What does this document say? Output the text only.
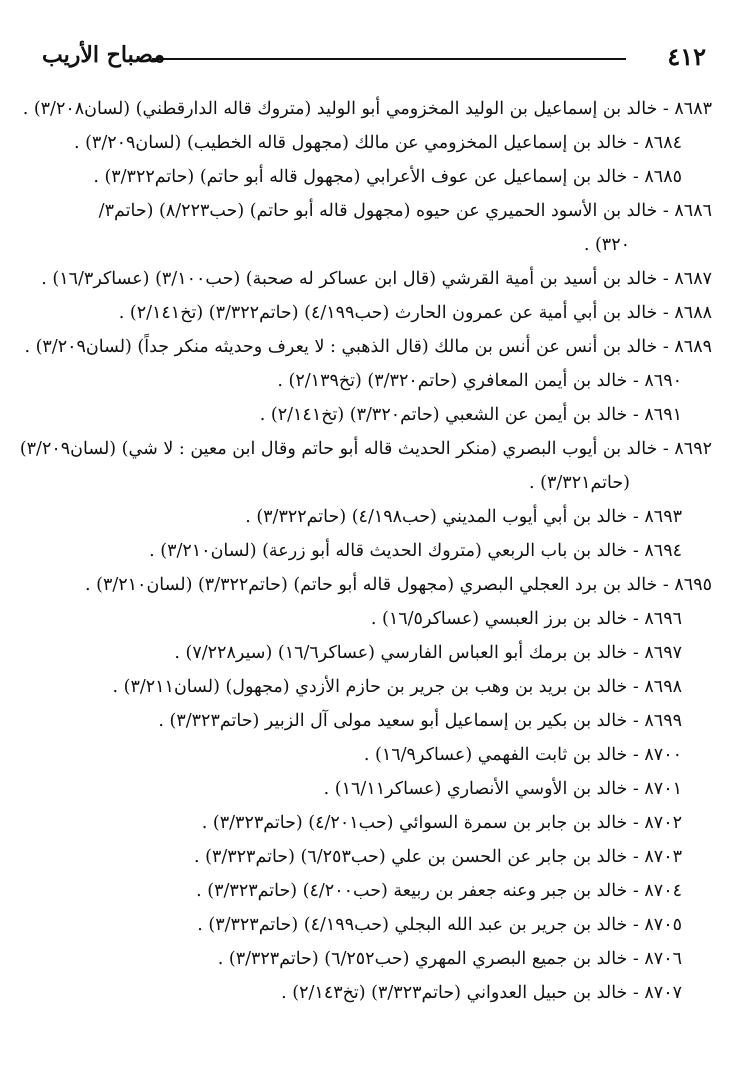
٤١٢
مصباح الأريب
٨٦٨٣ - خالد بن إسماعيل بن الوليد المخزومي أبو الوليد (متروك قاله الدارقطني) (لسان٣/٢٠٨) .
٨٦٨٤ - خالد بن إسماعيل المخزومي عن مالك (مجهول قاله الخطيب) (لسان٣/٢٠٩) .
٨٦٨٥ - خالد بن إسماعيل عن عوف الأعرابي (مجهول قاله أبو حاتم) (حاتم٣/٣٢٢) .
٨٦٨٦ - خالد بن الأسود الحميري عن حيوه (مجهول قاله أبو حاتم) (حب٨/٢٢٣) (حاتم٣/
٣٢٠) .
٨٦٨٧ - خالد بن أسيد بن أمية القرشي (قال ابن عساكر له صحبة) (حب٣/١٠٠) (عساكر١٦/٣) .
٨٦٨٨ - خالد بن أبي أمية عن عمرون الحارث (حب٤/١٩٩) (حاتم٣/٣٢٢) (تخ٢/١٤١) .
٨٦٨٩ - خالد بن أنس عن أنس بن مالك (قال الذهبي : لا يعرف وحديثه منكر جداً) (لسان٣/٢٠٩) .
٨٦٩٠ - خالد بن أيمن المعافري (حاتم٣/٣٢٠) (تخ٢/١٣٩) .
٨٦٩١ - خالد بن أيمن عن الشعبي (حاتم٣/٣٢٠) (تخ٢/١٤١) .
٨٦٩٢ - خالد بن أيوب البصري (منكر الحديث قاله أبو حاتم وقال ابن معين : لا شي) (لسان٣/٢٠٩)
(حاتم٣/٣٢١) .
٨٦٩٣ - خالد بن أبي أيوب المديني (حب٤/١٩٨) (حاتم٣/٣٢٢) .
٨٦٩٤ - خالد بن باب الربعي (متروك الحديث قاله أبو زرعة) (لسان٣/٢١٠) .
٨٦٩٥ - خالد بن برد العجلي البصري (مجهول قاله أبو حاتم) (حاتم٣/٣٢٢) (لسان٣/٢١٠) .
٨٦٩٦ - خالد بن برز العبسي (عساكر١٦/٥) .
٨٦٩٧ - خالد بن برمك أبو العباس الفارسي (عساكر١٦/٦) (سير٧/٢٢٨) .
٨٦٩٨ - خالد بن بريد بن وهب بن جرير بن حازم الأزدي (مجهول) (لسان٣/٢١١) .
٨٦٩٩ - خالد بن بكير بن إسماعيل أبو سعيد مولى آل الزبير (حاتم٣/٣٢٣) .
٨٧٠٠ - خالد بن ثابت الفهمي (عساكر١٦/٩) .
٨٧٠١ - خالد بن الأوسي الأنصاري (عساكر١٦/١١) .
٨٧٠٢ - خالد بن جابر بن سمرة السوائي (حب٤/٢٠١) (حاتم٣/٣٢٣) .
٨٧٠٣ - خالد بن جابر عن الحسن بن علي (حب٦/٢٥٣) (حاتم٣/٣٢٣) .
٨٧٠٤ - خالد بن جبر وعنه جعفر بن ربيعة (حب٤/٢٠٠) (حاتم٣/٣٢٣) .
٨٧٠٥ - خالد بن جرير بن عبد الله البجلي (حب٤/١٩٩) (حاتم٣/٣٢٣) .
٨٧٠٦ - خالد بن جميع البصري المهري (حب٦/٢٥٢) (حاتم٣/٣٢٣) .
٨٧٠٧ - خالد بن حبيل العدواني (حاتم٣/٣٢٣) (تخ٢/١٤٣) .
